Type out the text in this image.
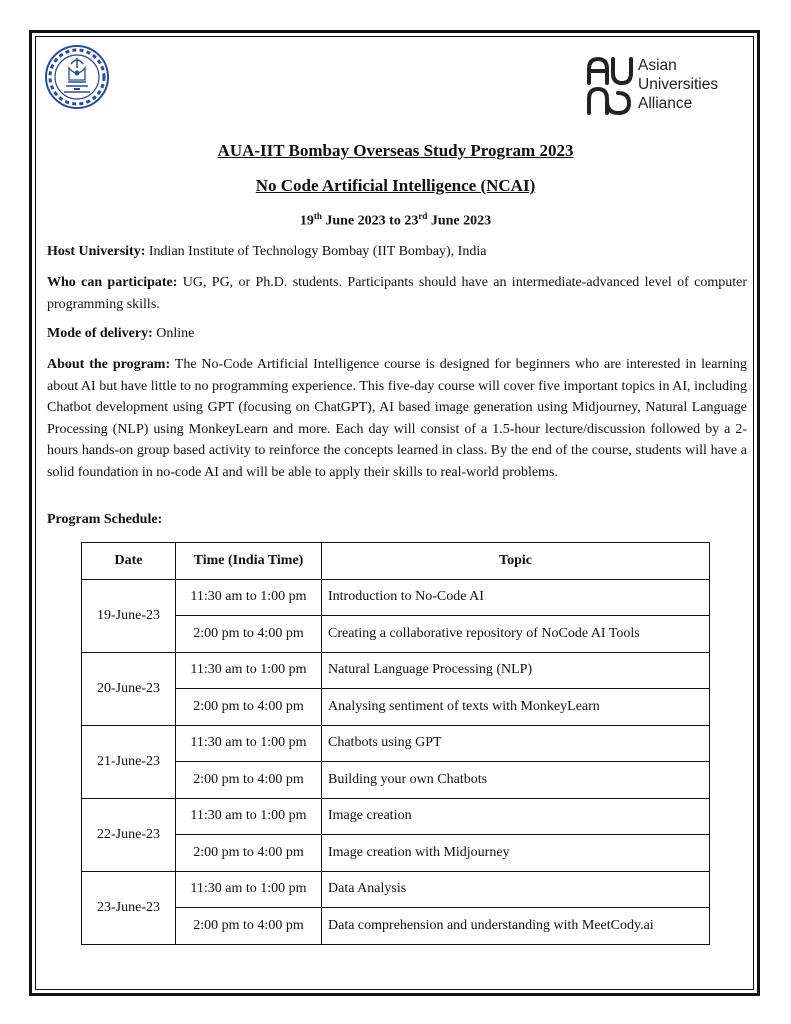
Asian
Universities
Alliance
AUA-IIT Bombay Overseas Study Program 2023
No Code Artificial Intelligence (NCAI)
19th June 2023 to 23rd June 2023
Host University: Indian Institute of Technology Bombay (IIT Bombay), India
Who can participate: UG, PG, or Ph.D. students. Participants should have an intermediate-advanced level of computer programming skills.
Mode of delivery: Online
About the program: The No-Code Artificial Intelligence course is designed for beginners who are interested in learning about AI but have little to no programming experience. This five-day course will cover five important topics in AI, including Chatbot development using GPT (focusing on ChatGPT), AI based image generation using Midjourney, Natural Language Processing (NLP) using MonkeyLearn and more. Each day will consist of a 1.5-hour lecture/discussion followed by a 2-hours hands-on group based activity to reinforce the concepts learned in class. By the end of the course, students will have a solid foundation in no-code AI and will be able to apply their skills to real-world problems.
Program Schedule:
Date	Time (India Time)	Topic
19-June-23	11:30 am to 1:00 pm	Introduction to No-Code AI
	2:00 pm to 4:00 pm	Creating a collaborative repository of NoCode AI Tools
20-June-23	11:30 am to 1:00 pm	Natural Language Processing (NLP)
	2:00 pm to 4:00 pm	Analysing sentiment of texts with MonkeyLearn
21-June-23	11:30 am to 1:00 pm	Chatbots using GPT
	2:00 pm to 4:00 pm	Building your own Chatbots
22-June-23	11:30 am to 1:00 pm	Image creation
	2:00 pm to 4:00 pm	Image creation with Midjourney
23-June-23	11:30 am to 1:00 pm	Data Analysis
	2:00 pm to 4:00 pm	Data comprehension and understanding with MeetCody.ai
